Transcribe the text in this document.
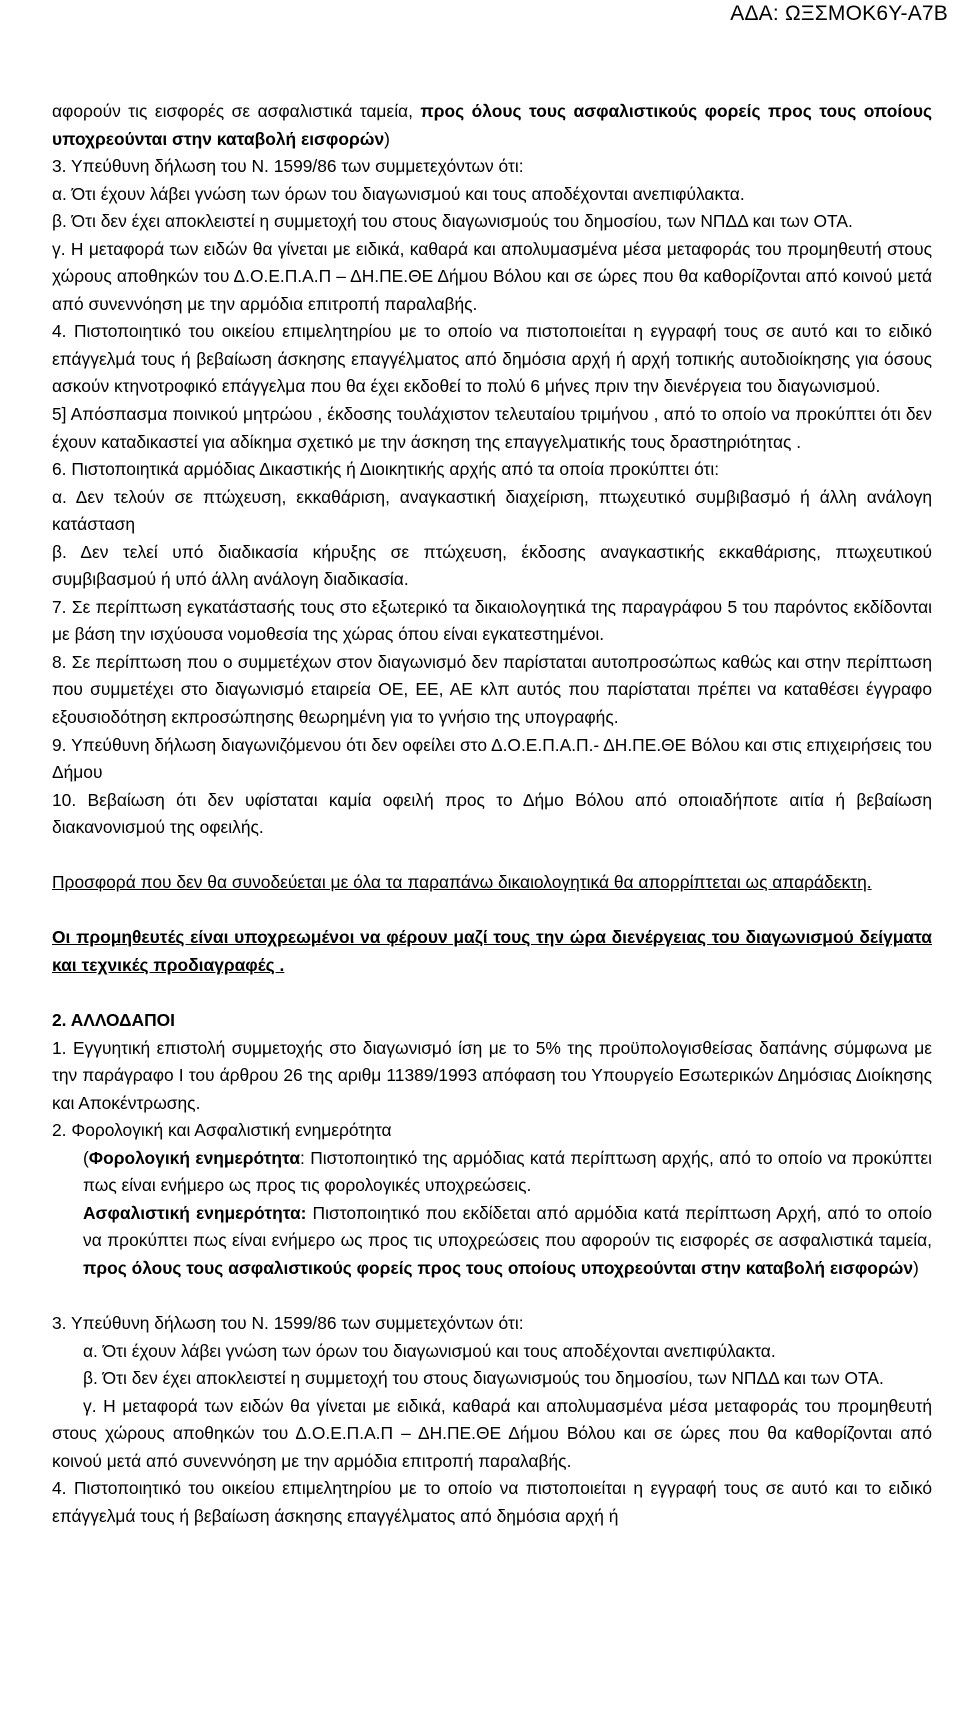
ΑΔΑ: ΩΞΣΜΟΚ6Υ-Α7Β

αφορούν τις εισφορές σε ασφαλιστικά ταμεία, προς όλους τους ασφαλιστικούς φορείς προς τους οποίους υποχρεούνται στην καταβολή εισφορών)

3. Υπεύθυνη δήλωση του Ν. 1599/86 των συμμετεχόντων ότι:

α. Ότι έχουν λάβει γνώση των όρων του διαγωνισμού και τους αποδέχονται ανεπιφύλακτα.

β. Ότι δεν έχει αποκλειστεί η συμμετοχή του στους διαγωνισμούς του δημοσίου, των ΝΠΔΔ και των ΟΤΑ.

γ. Η μεταφορά των ειδών θα γίνεται με ειδικά, καθαρά και απολυμασμένα μέσα μεταφοράς του προμηθευτή στους χώρους αποθηκών του Δ.Ο.Ε.Π.Α.Π – ΔΗ.ΠΕ.ΘΕ Δήμου Βόλου και σε ώρες που θα καθορίζονται από κοινού μετά από συνεννόηση με την αρμόδια επιτροπή παραλαβής.

4. Πιστοποιητικό του οικείου επιμελητηρίου με το οποίο να πιστοποιείται η εγγραφή τους σε αυτό και το ειδικό επάγγελμά τους ή βεβαίωση άσκησης επαγγέλματος από δημόσια αρχή ή αρχή τοπικής αυτοδιοίκησης για όσους ασκούν κτηνοτροφικό επάγγελμα που θα έχει εκδοθεί το πολύ 6 μήνες πριν την διενέργεια του διαγωνισμού.

5] Απόσπασμα ποινικού μητρώου , έκδοσης τουλάχιστον τελευταίου τριμήνου , από το οποίο να προκύπτει ότι δεν έχουν καταδικαστεί για αδίκημα σχετικό με την άσκηση της επαγγελματικής τους δραστηριότητας .

6. Πιστοποιητικά αρμόδιας Δικαστικής ή Διοικητικής αρχής από τα οποία προκύπτει ότι:

α. Δεν τελούν σε πτώχευση, εκκαθάριση, αναγκαστική διαχείριση, πτωχευτικό συμβιβασμό ή άλλη ανάλογη κατάσταση

β. Δεν τελεί υπό διαδικασία κήρυξης σε πτώχευση, έκδοσης αναγκαστικής εκκαθάρισης, πτωχευτικού συμβιβασμού ή υπό άλλη ανάλογη διαδικασία.

7. Σε περίπτωση εγκατάστασής τους στο εξωτερικό τα δικαιολογητικά της παραγράφου 5 του παρόντος εκδίδονται με βάση την ισχύουσα νομοθεσία της χώρας όπου είναι εγκατεστημένοι.

8. Σε περίπτωση που ο συμμετέχων στον διαγωνισμό δεν παρίσταται αυτοπροσώπως καθώς και στην περίπτωση που συμμετέχει στο διαγωνισμό εταιρεία ΟΕ, ΕΕ, ΑΕ κλπ αυτός που παρίσταται πρέπει να καταθέσει έγγραφο εξουσιοδότηση εκπροσώπησης θεωρημένη για το γνήσιο της υπογραφής.

9. Υπεύθυνη δήλωση διαγωνιζόμενου ότι δεν οφείλει στο Δ.Ο.Ε.Π.Α.Π.- ΔΗ.ΠΕ.ΘΕ Βόλου και στις επιχειρήσεις του Δήμου

10. Βεβαίωση ότι δεν υφίσταται καμία οφειλή προς το Δήμο Βόλου από οποιαδήποτε αιτία ή βεβαίωση διακανονισμού της οφειλής.

Προσφορά που δεν θα συνοδεύεται με όλα τα παραπάνω δικαιολογητικά θα απορρίπτεται ως απαράδεκτη.

Οι προμηθευτές είναι υποχρεωμένοι να φέρουν μαζί τους την ώρα διενέργειας του διαγωνισμού δείγματα και τεχνικές προδιαγραφές .

2. ΑΛΛΟΔΑΠΟΙ

1. Εγγυητική επιστολή συμμετοχής στο διαγωνισμό ίση με το 5% της προϋπολογισθείσας δαπάνης σύμφωνα με την παράγραφο Ι του άρθρου 26 της αριθμ 11389/1993 απόφαση του Υπουργείο Εσωτερικών Δημόσιας Διοίκησης και Αποκέντρωσης.

2. Φορολογική και Ασφαλιστική ενημερότητα

(Φορολογική ενημερότητα: Πιστοποιητικό της αρμόδιας κατά περίπτωση αρχής, από το οποίο να προκύπτει πως είναι ενήμερο ως προς τις φορολογικές υποχρεώσεις.

Ασφαλιστική ενημερότητα: Πιστοποιητικό που εκδίδεται από αρμόδια κατά περίπτωση Αρχή, από το οποίο να προκύπτει πως είναι ενήμερο ως προς τις υποχρεώσεις που αφορούν τις εισφορές σε ασφαλιστικά ταμεία, προς όλους τους ασφαλιστικούς φορείς προς τους οποίους υποχρεούνται στην καταβολή εισφορών)

3. Υπεύθυνη δήλωση του Ν. 1599/86 των συμμετεχόντων ότι:

α. Ότι έχουν λάβει γνώση των όρων του διαγωνισμού και τους αποδέχονται ανεπιφύλακτα.

β. Ότι δεν έχει αποκλειστεί η συμμετοχή του στους διαγωνισμούς του δημοσίου, των ΝΠΔΔ και των ΟΤΑ.

γ. Η μεταφορά των ειδών θα γίνεται με ειδικά, καθαρά και απολυμασμένα μέσα μεταφοράς του προμηθευτή στους χώρους αποθηκών του Δ.Ο.Ε.Π.Α.Π – ΔΗ.ΠΕ.ΘΕ Δήμου Βόλου και σε ώρες που θα καθορίζονται από κοινού μετά από συνεννόηση με την αρμόδια επιτροπή παραλαβής.

4. Πιστοποιητικό του οικείου επιμελητηρίου με το οποίο να πιστοποιείται η εγγραφή τους σε αυτό και το ειδικό επάγγελμά τους ή βεβαίωση άσκησης επαγγέλματος από δημόσια αρχή ή
